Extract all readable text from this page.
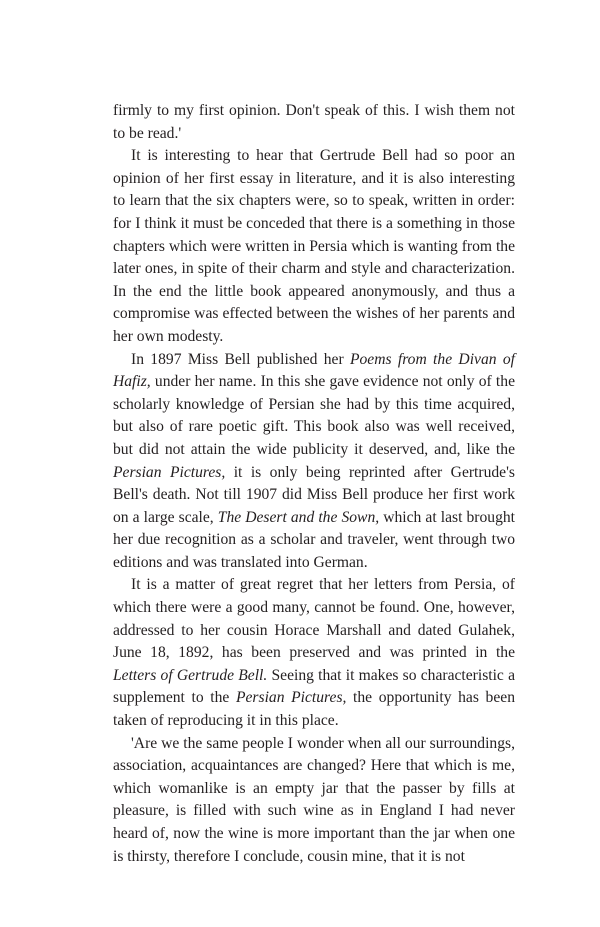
firmly to my first opinion. Don't speak of this. I wish them not to be read.'

It is interesting to hear that Gertrude Bell had so poor an opinion of her first essay in literature, and it is also interesting to learn that the six chapters were, so to speak, written in order: for I think it must be conceded that there is a something in those chapters which were written in Persia which is wanting from the later ones, in spite of their charm and style and characterization. In the end the little book appeared anonymously, and thus a compromise was effected between the wishes of her parents and her own modesty.

In 1897 Miss Bell published her Poems from the Divan of Hafiz, under her name. In this she gave evidence not only of the scholarly knowledge of Persian she had by this time acquired, but also of rare poetic gift. This book also was well received, but did not attain the wide publicity it deserved, and, like the Persian Pictures, it is only being reprinted after Gertrude's Bell's death. Not till 1907 did Miss Bell produce her first work on a large scale, The Desert and the Sown, which at last brought her due recognition as a scholar and traveler, went through two editions and was translated into German.

It is a matter of great regret that her letters from Persia, of which there were a good many, cannot be found. One, however, addressed to her cousin Horace Marshall and dated Gulahek, June 18, 1892, has been preserved and was printed in the Letters of Gertrude Bell. Seeing that it makes so characteristic a supplement to the Persian Pictures, the opportunity has been taken of reproducing it in this place.

'Are we the same people I wonder when all our surroundings, association, acquaintances are changed? Here that which is me, which womanlike is an empty jar that the passer by fills at pleasure, is filled with such wine as in England I had never heard of, now the wine is more important than the jar when one is thirsty, therefore I conclude, cousin mine, that it is not
